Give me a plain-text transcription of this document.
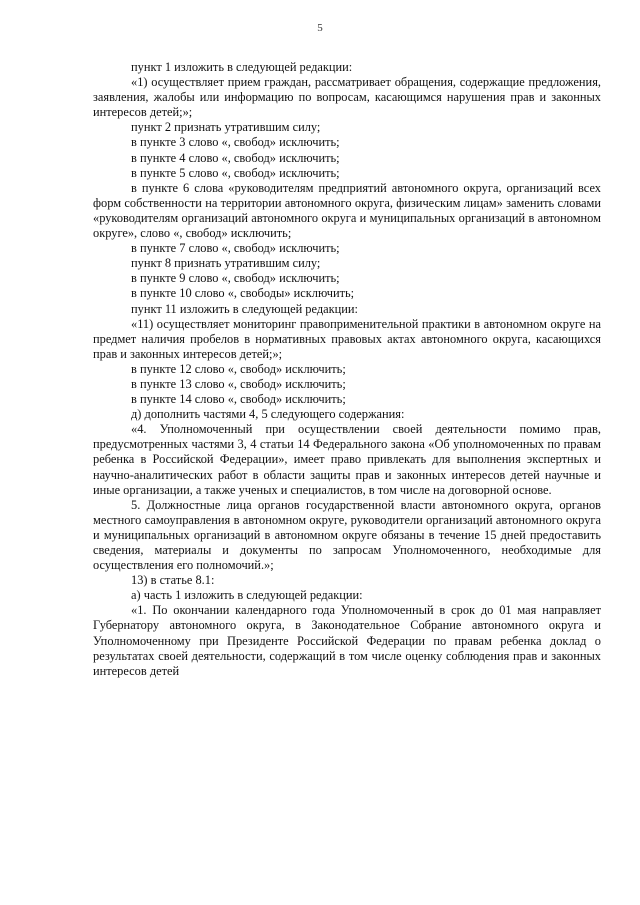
5

пункт 1 изложить в следующей редакции:

«1) осуществляет прием граждан, рассматривает обращения, содержащие предложения, заявления, жалобы или информацию по вопросам, касающимся нарушения прав и законных интересов детей;»;

пункт 2 признать утратившим силу;

в пункте 3 слово «, свобод» исключить;

в пункте 4 слово «, свобод» исключить;

в пункте 5 слово «, свобод» исключить;

в пункте 6 слова «руководителям предприятий автономного округа, организаций всех форм собственности на территории автономного округа, физическим лицам» заменить словами «руководителям организаций автономного округа и муниципальных организаций в автономном округе», слово «, свобод» исключить;

в пункте 7 слово «, свобод» исключить;

пункт 8 признать утратившим силу;

в пункте 9 слово «, свобод» исключить;

в пункте 10 слово «, свободы» исключить;

пункт 11 изложить в следующей редакции:

«11) осуществляет мониторинг правоприменительной практики в автономном округе на предмет наличия пробелов в нормативных правовых актах автономного округа, касающихся прав и законных интересов детей;»;

в пункте 12 слово «, свобод» исключить;

в пункте 13 слово «, свобод» исключить;

в пункте 14 слово «, свобод» исключить;

д) дополнить частями 4, 5 следующего содержания:

«4. Уполномоченный при осуществлении своей деятельности помимо прав, предусмотренных частями 3, 4 статьи 14 Федерального закона «Об уполномоченных по правам ребенка в Российской Федерации», имеет право привлекать для выполнения экспертных и научно-аналитических работ в области защиты прав и законных интересов детей научные и иные организации, а также ученых и специалистов, в том числе на договорной основе.

5. Должностные лица органов государственной власти автономного округа, органов местного самоуправления в автономном округе, руководители организаций автономного округа и муниципальных организаций в автономном округе обязаны в течение 15 дней предоставить сведения, материалы и документы по запросам Уполномоченного, необходимые для осуществления его полномочий.»;

13) в статье 8.1:

а) часть 1 изложить в следующей редакции:

«1. По окончании календарного года Уполномоченный в срок до 01 мая направляет Губернатору автономного округа, в Законодательное Собрание автономного округа и Уполномоченному при Президенте Российской Федерации по правам ребенка доклад о результатах своей деятельности, содержащий в том числе оценку соблюдения прав и законных интересов детей
